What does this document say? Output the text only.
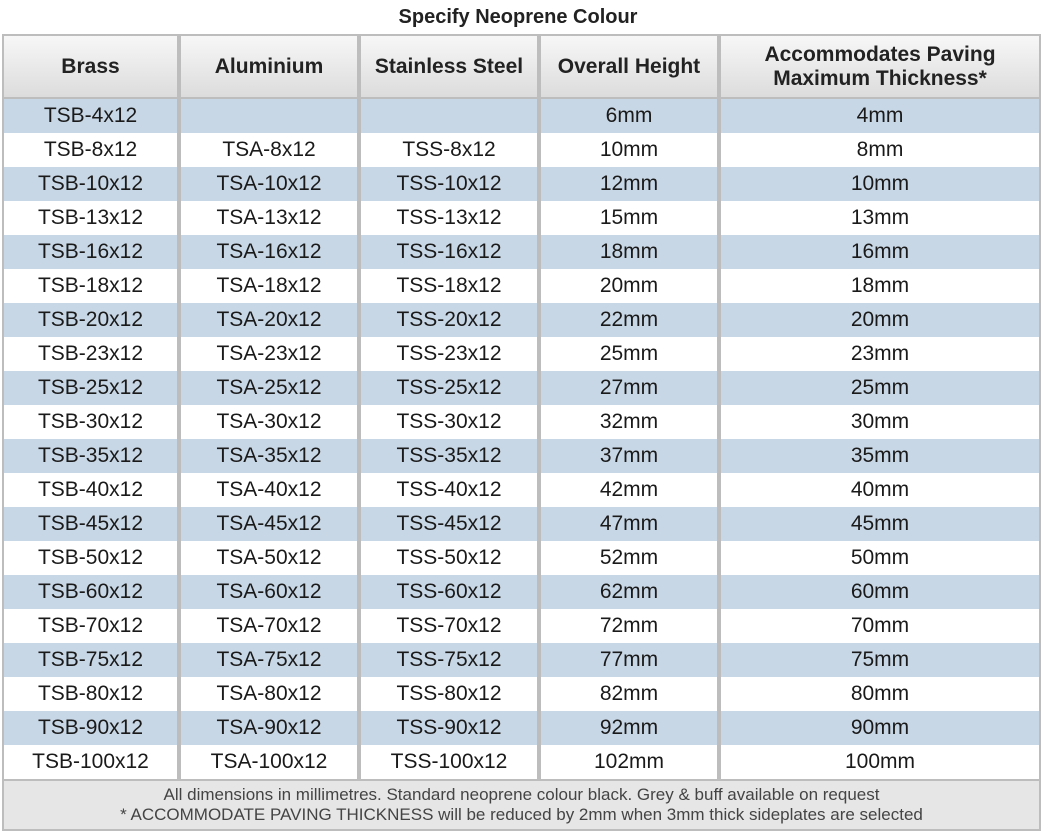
Specify Neoprene Colour
Brass	Aluminium	Stainless Steel	Overall Height	Accommodates Paving
Maximum Thickness*
TSB-4x12			6mm	4mm
TSB-8x12	TSA-8x12	TSS-8x12	10mm	8mm
TSB-10x12	TSA-10x12	TSS-10x12	12mm	10mm
TSB-13x12	TSA-13x12	TSS-13x12	15mm	13mm
TSB-16x12	TSA-16x12	TSS-16x12	18mm	16mm
TSB-18x12	TSA-18x12	TSS-18x12	20mm	18mm
TSB-20x12	TSA-20x12	TSS-20x12	22mm	20mm
TSB-23x12	TSA-23x12	TSS-23x12	25mm	23mm
TSB-25x12	TSA-25x12	TSS-25x12	27mm	25mm
TSB-30x12	TSA-30x12	TSS-30x12	32mm	30mm
TSB-35x12	TSA-35x12	TSS-35x12	37mm	35mm
TSB-40x12	TSA-40x12	TSS-40x12	42mm	40mm
TSB-45x12	TSA-45x12	TSS-45x12	47mm	45mm
TSB-50x12	TSA-50x12	TSS-50x12	52mm	50mm
TSB-60x12	TSA-60x12	TSS-60x12	62mm	60mm
TSB-70x12	TSA-70x12	TSS-70x12	72mm	70mm
TSB-75x12	TSA-75x12	TSS-75x12	77mm	75mm
TSB-80x12	TSA-80x12	TSS-80x12	82mm	80mm
TSB-90x12	TSA-90x12	TSS-90x12	92mm	90mm
TSB-100x12	TSA-100x12	TSS-100x12	102mm	100mm
All dimensions in millimetres. Standard neoprene colour black. Grey & buff available on request
* ACCOMMODATE PAVING THICKNESS will be reduced by 2mm when 3mm thick sideplates are selected				
